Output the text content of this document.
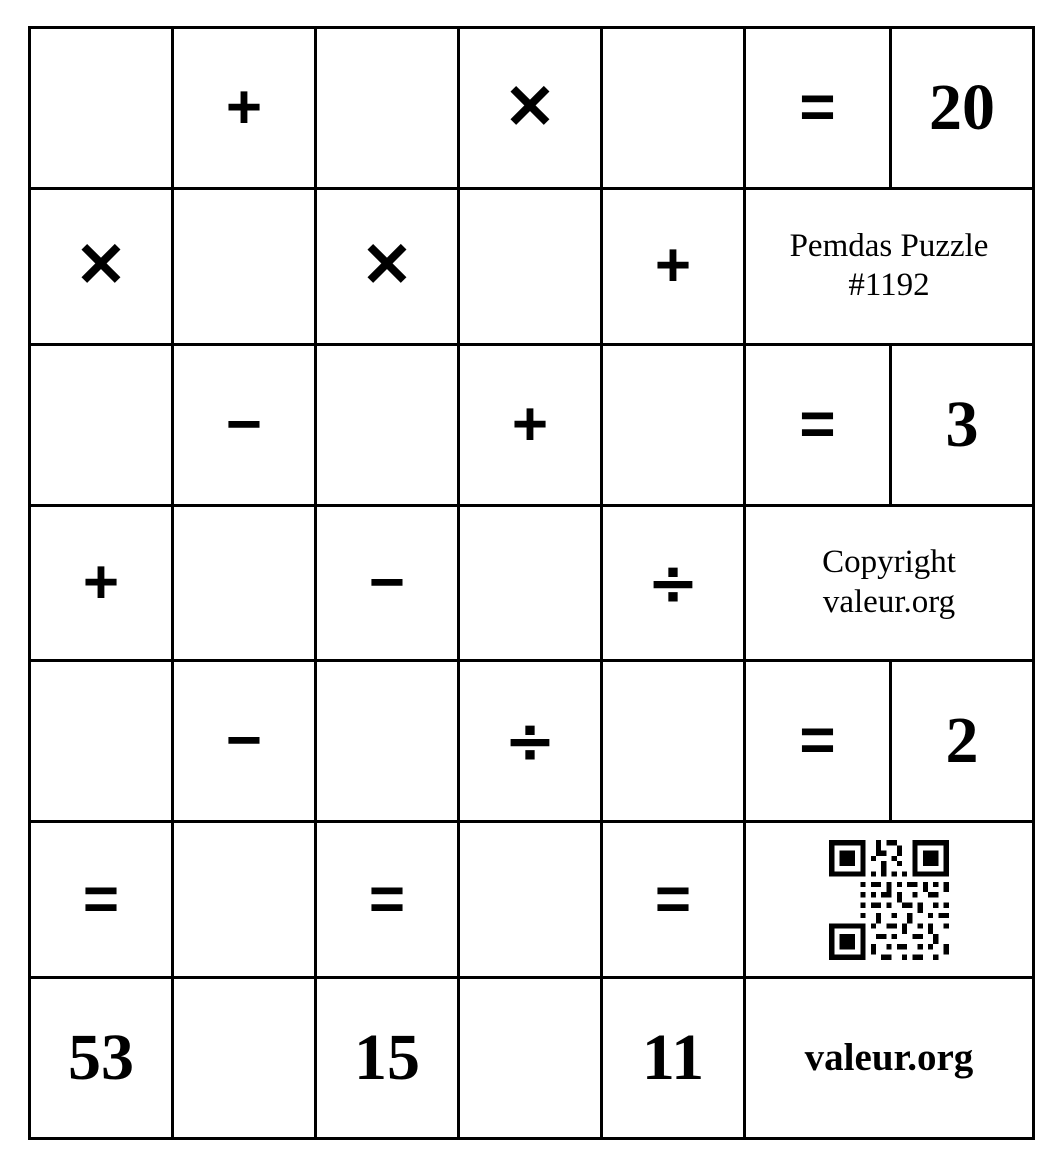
	+		✕		=	20
✕		✕		+	Pemdas Puzzle
#1192	

	−		+		=	3
+		−		÷	Copyright
valeur.org	

	−		÷		=	2
=		=		=	

53		15		11	valeur.org	
